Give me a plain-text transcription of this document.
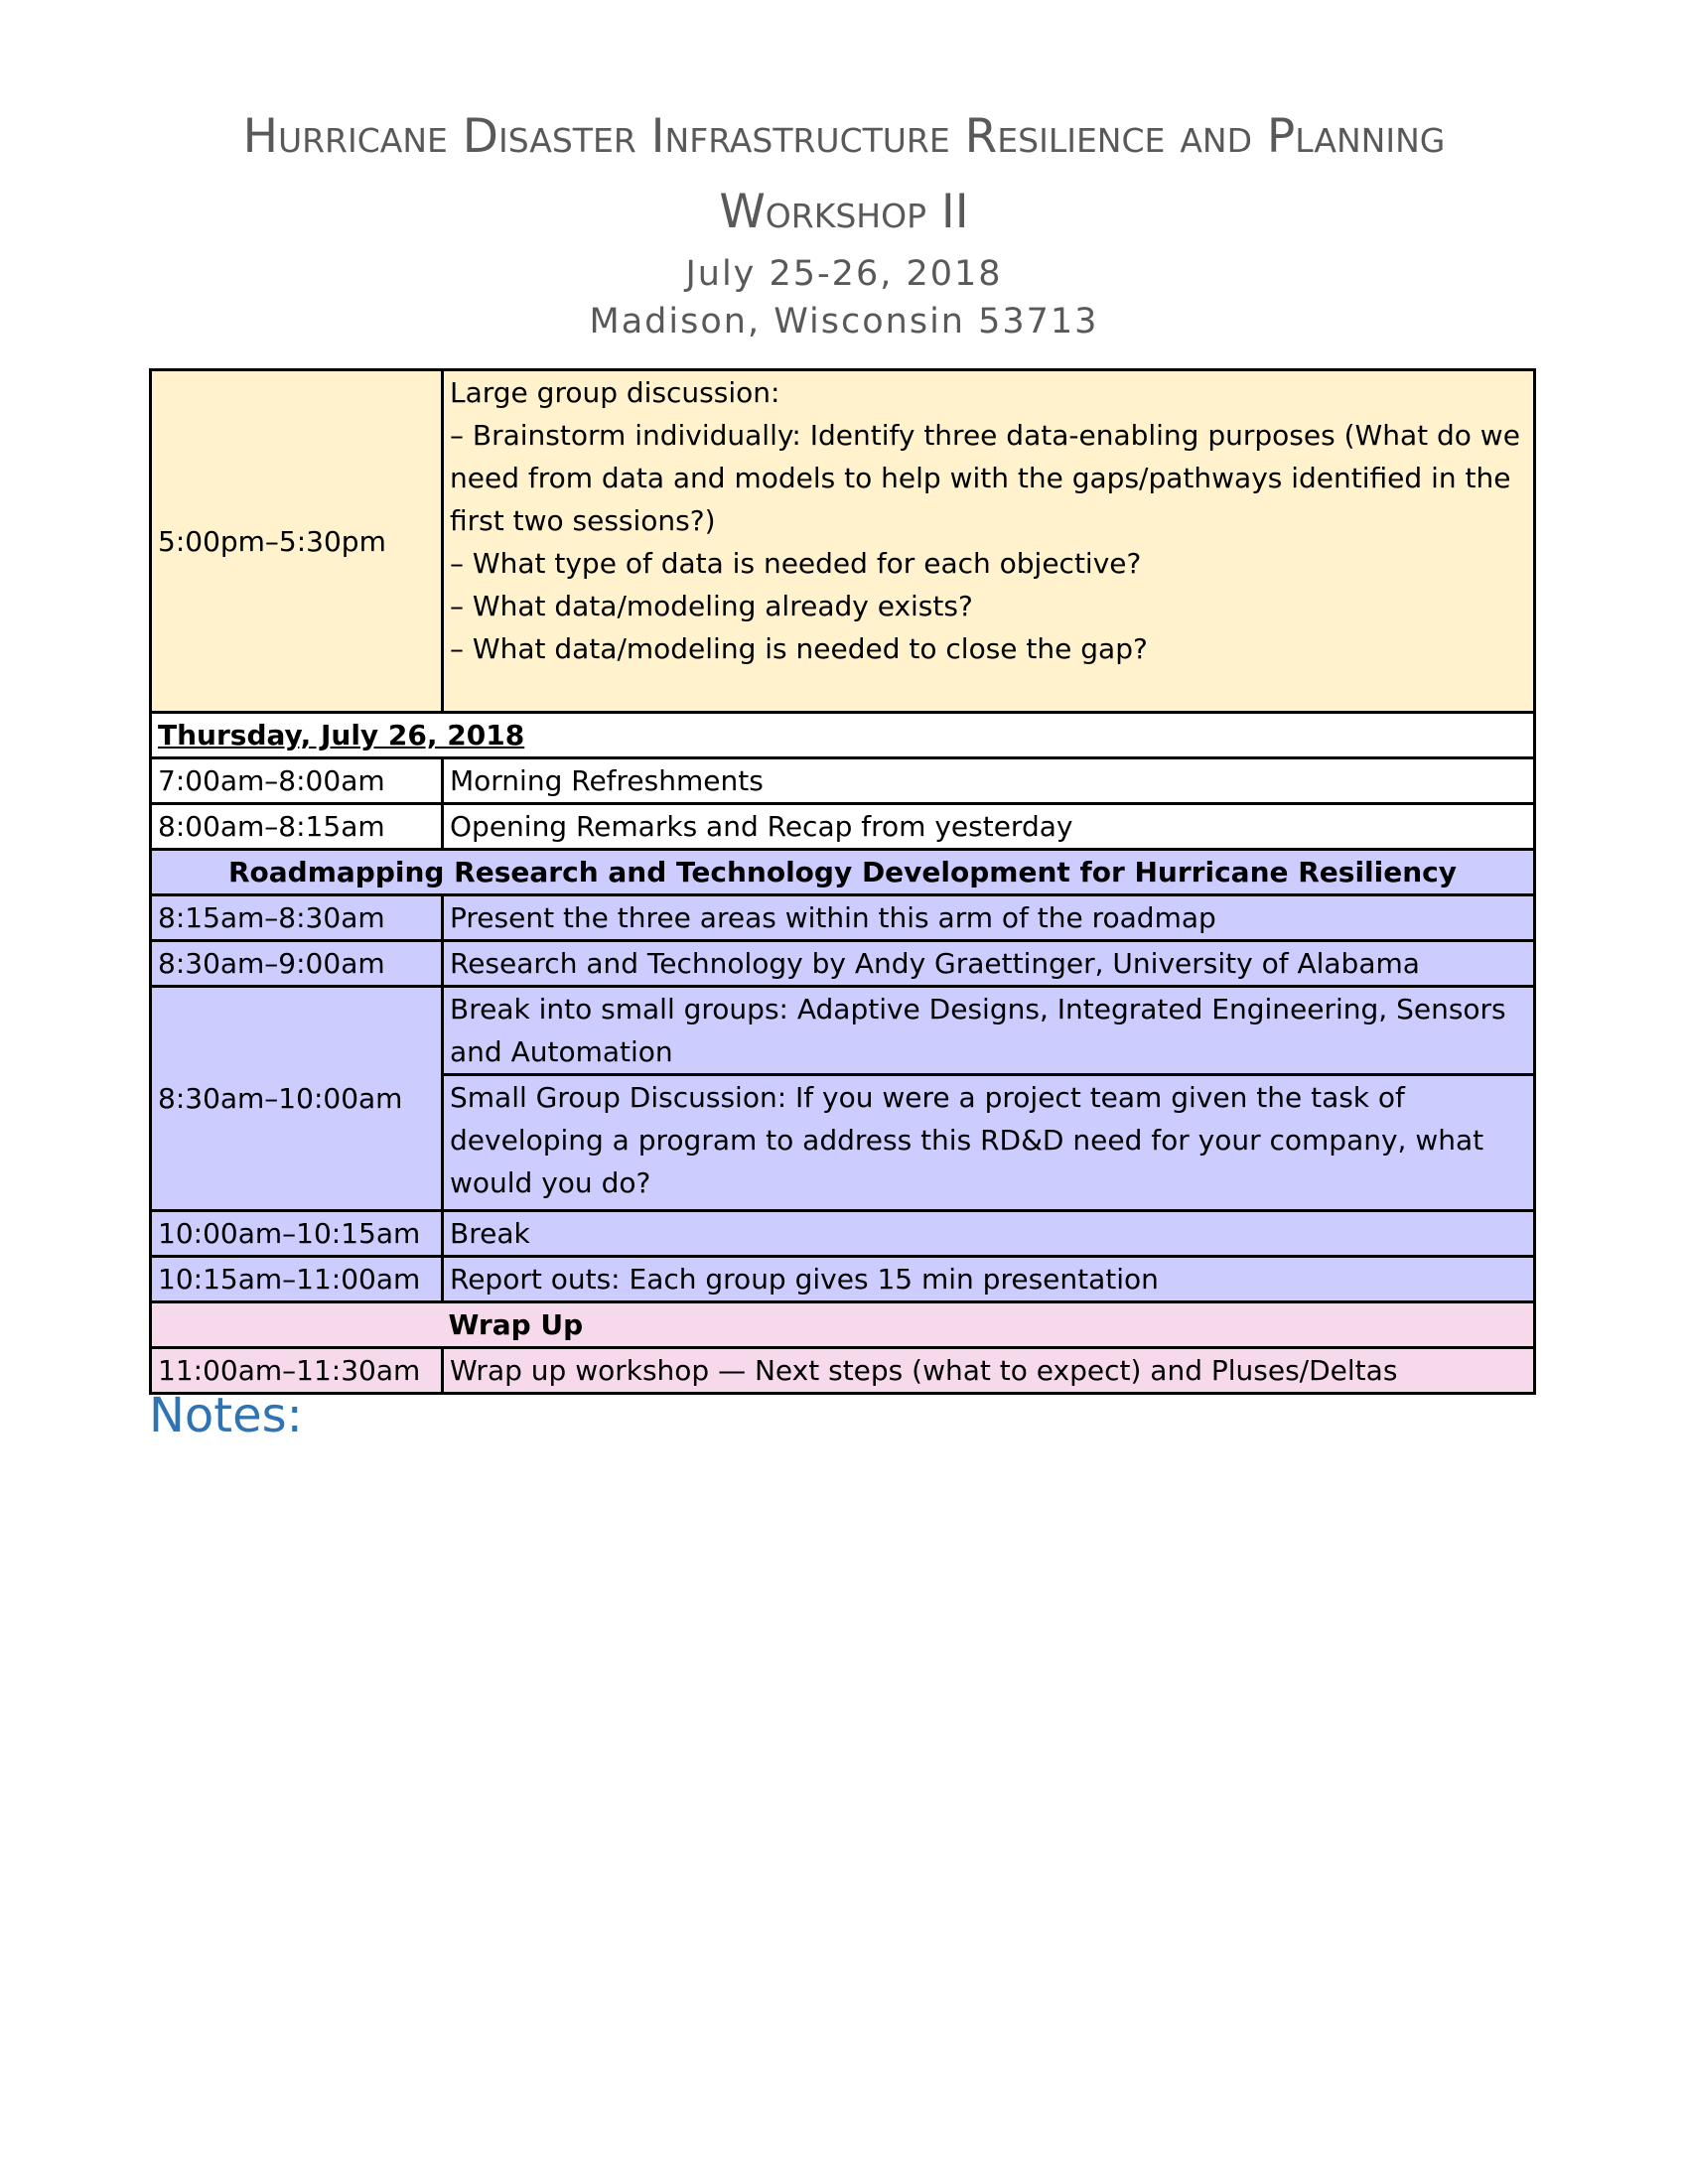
Hurricane Disaster Infrastructure Resilience and Planning
Workshop II
July 25-26, 2018
Madison, Wisconsin 53713
5:00pm–5:30pm	Large group discussion:
– Brainstorm individually: Identify three data-enabling purposes (What do we need from data and models to help with the gaps/pathways identified in the first two sessions?)
– What type of data is needed for each objective?
– What data/modeling already exists?
– What data/modeling is needed to close the gap?

Thursday, July 26, 2018	
7:00am–8:00am	Morning Refreshments
8:00am–8:15am	Opening Remarks and Recap from yesterday
Roadmapping Research and Technology Development for Hurricane Resiliency	
8:15am–8:30am	Present the three areas within this arm of the roadmap
8:30am–9:00am	Research and Technology by Andy Graettinger, University of Alabama
8:30am–10:00am	Break into small groups: Adaptive Designs, Integrated Engineering, Sensors and Automation
	Small Group Discussion: If you were a project team given the task of developing a program to address this RD&D need for your company, what would you do?
10:00am–10:15am	Break
10:15am–11:00am	Report outs: Each group gives 15 min presentation
	Wrap Up
11:00am–11:30am	Wrap up workshop — Next steps (what to expect) and Pluses/Deltas
Notes:
